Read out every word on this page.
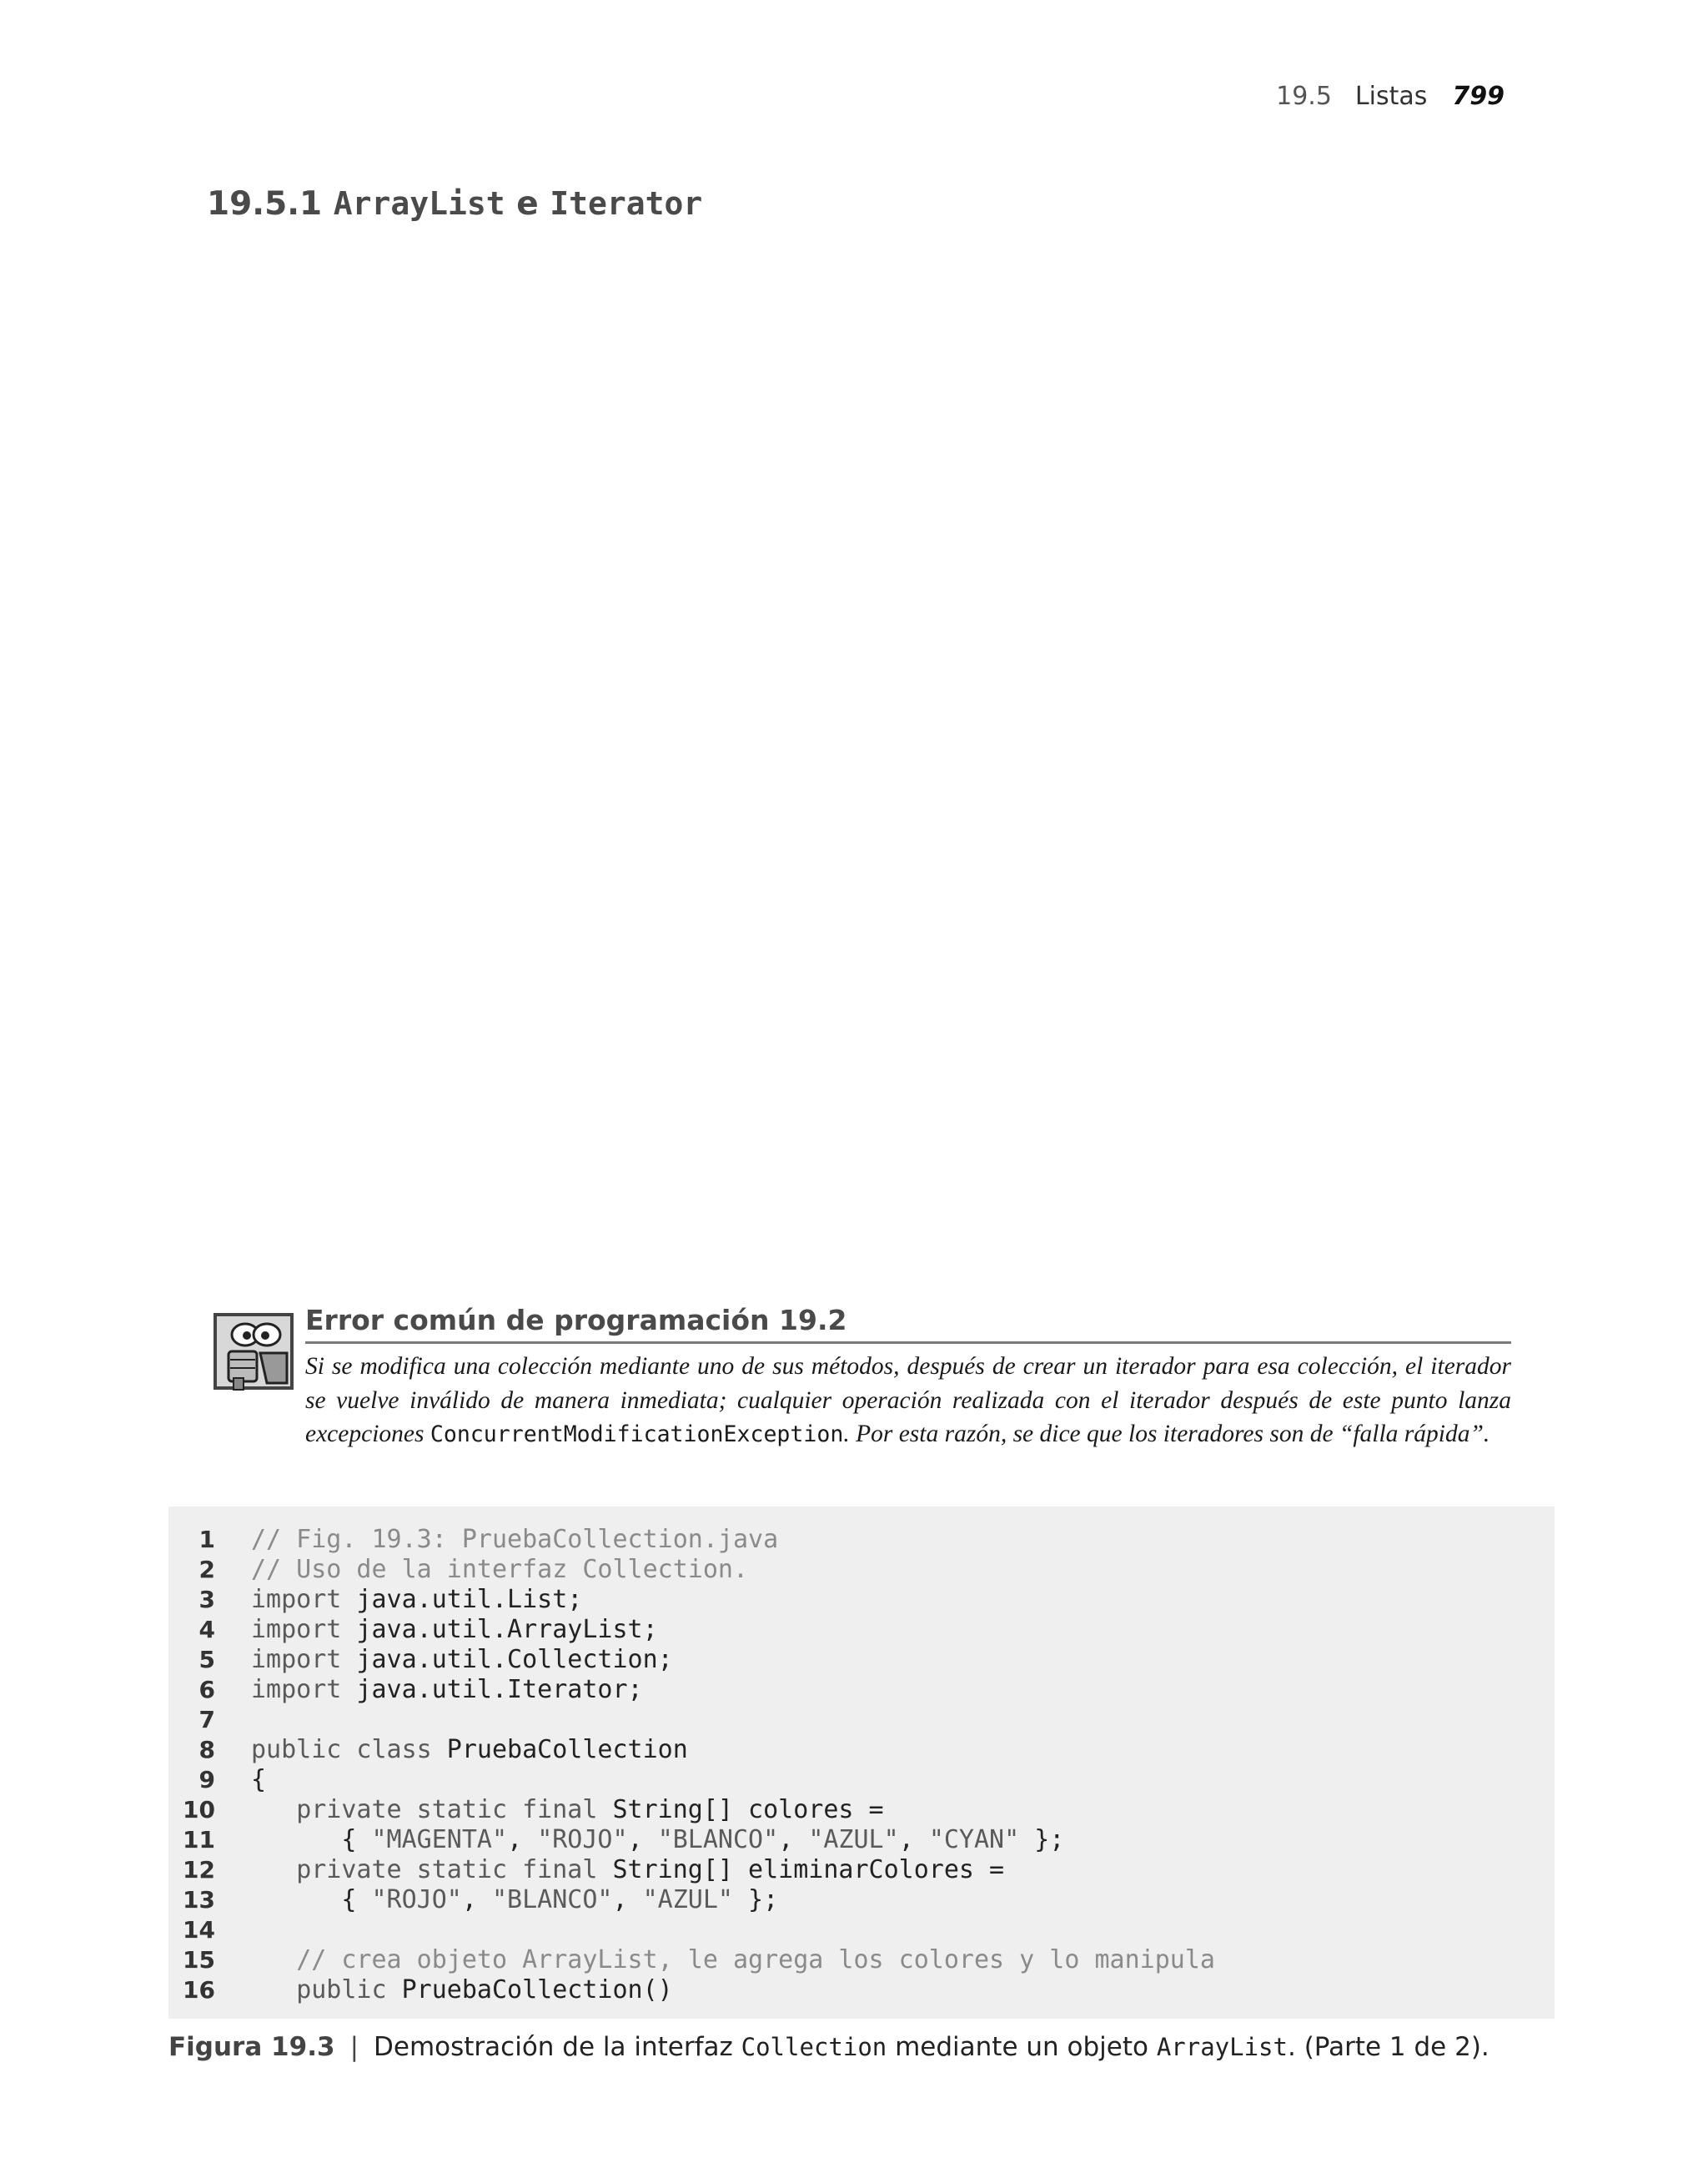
19.5 Listas 799
19.5.1 ArrayList e Iterator

Error común de programación 19.2
Si se modifica una colección mediante uno de sus métodos, después de crear un iterador para esa colección, el iterador se vuelve inválido de manera inmediata; cualquier operación realizada con el iterador después de este punto lanza excepciones ConcurrentModificationException. Por esta razón, se dice que los iteradores son de “falla rápida”.
1 // Fig. 19.3: PruebaCollection.java
2 // Uso de la interfaz Collection.
3 import java.util.List;
4 import java.util.ArrayList;
5 import java.util.Collection;
6 import java.util.Iterator;
7
8 public class PruebaCollection
9 {
10	private static final String[] colores =
11      { "MAGENTA", "ROJO", "BLANCO", "AZUL", "CYAN" };
12	private static final String[] eliminarColores =
13      { "ROJO", "BLANCO", "AZUL" };
14
15	// crea objeto ArrayList, le agrega los colores y lo manipula
16	public PruebaCollection()
Figura 19.3 | Demostración de la interfaz Collection mediante un objeto ArrayList. (Parte 1 de 2).
